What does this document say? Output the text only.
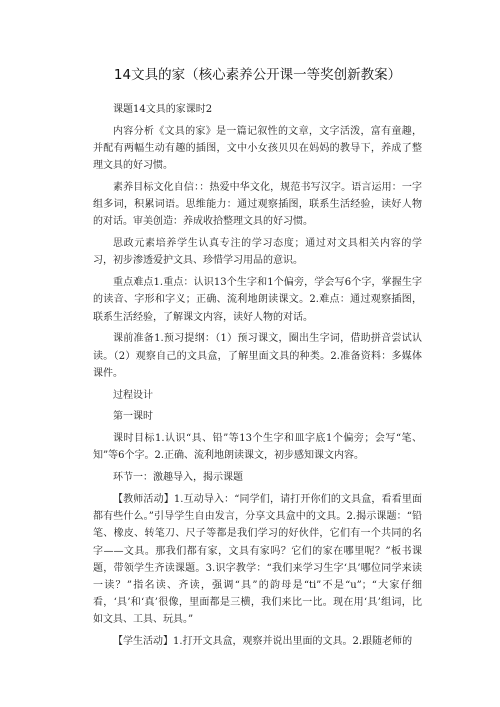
14文具的家（核心素养公开课一等奖创新教案）

课题14文具的家课时2

内容分析《文具的家》是一篇记叙性的文章，文字活泼，富有童趣，并配有两幅生动有趣的插图，文中小女孩贝贝在妈妈的教导下，养成了整理文具的好习惯。

素养目标文化自信：：热爱中华文化，规范书写汉字。语言运用：一字组多词，积累词语。思维能力：通过观察插图，联系生活经验，读好人物的对话。审美创造：养成收拾整理文具的好习惯。

思政元素培养学生认真专注的学习态度；通过对文具相关内容的学习，初步渗透爱护文具、珍惜学习用品的意识。

重点难点1.重点：认识13个生字和1个偏旁，学会写6个字，掌握生字的读音、字形和字义；正确、流利地朗读课文。2.难点：通过观察插图，联系生活经验，了解课文内容，读好人物的对话。

课前准备1.预习提纲：（1）预习课文，圈出生字词，借助拼音尝试认读。（2）观察自己的文具盒，了解里面文具的种类。2.准备资料：多媒体课件。

过程设计

第一课时

课时目标1.认识“具、铅”等13个生字和皿字底1个偏旁；会写“笔、知”等6个字。2.正确、流利地朗读课文，初步感知课文内容。

环节一：激趣导入，揭示课题

【教师活动】1.互动导入：“同学们，请打开你们的文具盒，看看里面都有些什么。”引导学生自由发言，分享文具盒中的文具。2.揭示课题：“铅笔、橡皮、转笔刀、尺子等都是我们学习的好伙伴，它们有一个共同的名字——文具。那我们都有家，文具有家吗？它们的家在哪里呢？”板书课题，带领学生齐读课题。3.识字教学：“我们来学习生字‘具’哪位同学来读一读？”指名读、齐读，强调“具”的韵母是“ti”不是“u”；“大家仔细看，‘具’和‘真’很像，里面都是三横，我们来比一比。现在用‘具’组词，比如文具、工具、玩具。”

【学生活动】1.打开文具盒，观察并说出里面的文具。2.跟随老师的
